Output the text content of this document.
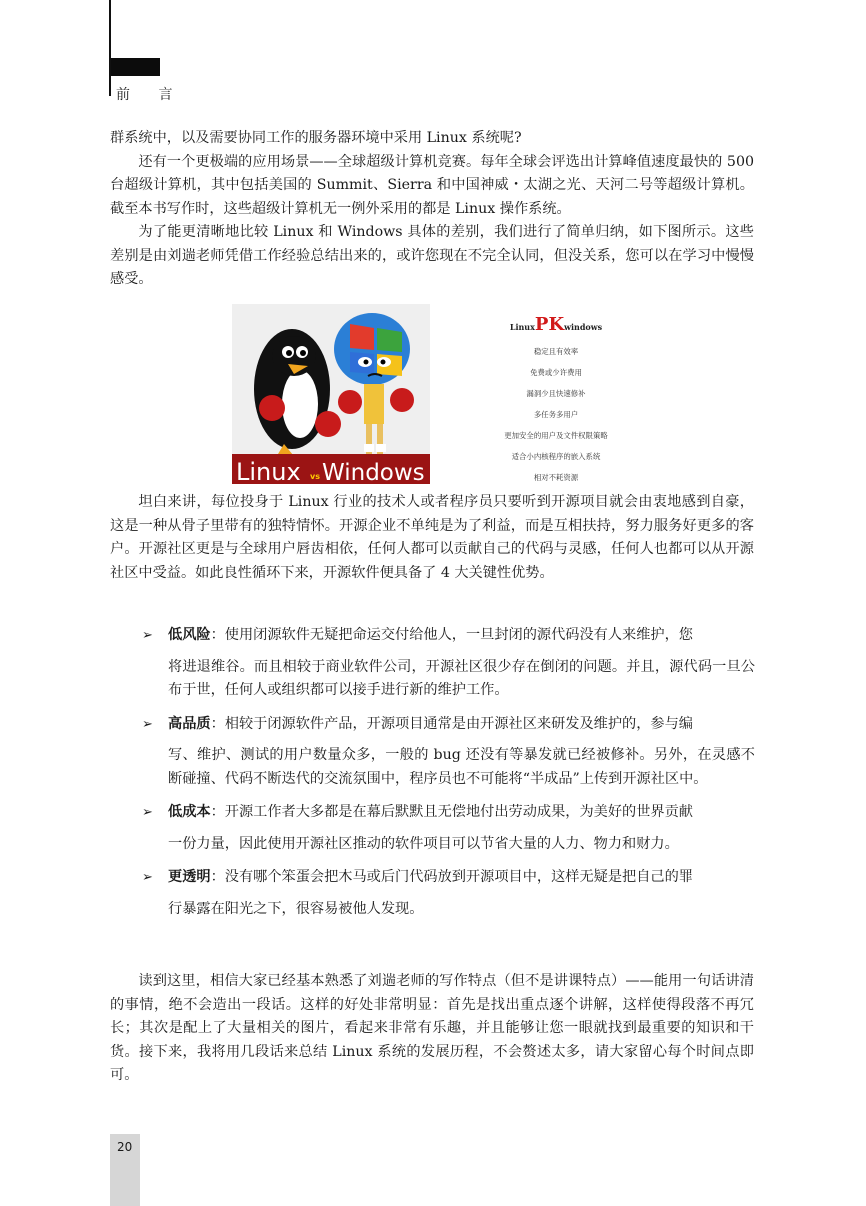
前 言

群系统中，以及需要协同工作的服务器环境中采用 Linux 系统呢?

还有一个更极端的应用场景——全球超级计算机竞赛。每年全球会评选出计算峰值速度最快的 500 台超级计算机，其中包括美国的 Summit、Sierra 和中国神威・太湖之光、天河二号等超级计算机。截至本书写作时，这些超级计算机无一例外采用的都是 Linux 操作系统。

为了能更清晰地比较 Linux 和 Windows 具体的差别，我们进行了简单归纳，如下图所示。这些差别是由刘遄老师凭借工作经验总结出来的，或许您现在不完全认同，但没关系，您可以在学习中慢慢感受。

Linux vs Windows
LinuxPKwindows
稳定且有效率
免费或少许费用
漏洞少且快速修补
多任务多用户
更加安全的用户及文件权限策略
适合小内核程序的嵌入系统
相对不耗资源

坦白来讲，每位投身于 Linux 行业的技术人或者程序员只要听到开源项目就会由衷地感到自豪，这是一种从骨子里带有的独特情怀。开源企业不单纯是为了利益，而是互相扶持，努力服务好更多的客户。开源社区更是与全球用户唇齿相依，任何人都可以贡献自己的代码与灵感，任何人也都可以从开源社区中受益。如此良性循环下来，开源软件便具备了 4 大关键性优势。

➢ 低风险：使用闭源软件无疑把命运交付给他人，一旦封闭的源代码没有人来维护，您
将进退维谷。而且相较于商业软件公司，开源社区很少存在倒闭的问题。并且，源代码一旦公布于世，任何人或组织都可以接手进行新的维护工作。
➢ 高品质：相较于闭源软件产品，开源项目通常是由开源社区来研发及维护的，参与编
写、维护、测试的用户数量众多，一般的 bug 还没有等暴发就已经被修补。另外，在灵感不断碰撞、代码不断迭代的交流氛围中，程序员也不可能将“半成品”上传到开源社区中。
➢ 低成本：开源工作者大多都是在幕后默默且无偿地付出劳动成果，为美好的世界贡献
一份力量，因此使用开源社区推动的软件项目可以节省大量的人力、物力和财力。
➢ 更透明：没有哪个笨蛋会把木马或后门代码放到开源项目中，这样无疑是把自己的罪
行暴露在阳光之下，很容易被他人发现。

读到这里，相信大家已经基本熟悉了刘遄老师的写作特点（但不是讲课特点）——能用一句话讲清的事情，绝不会造出一段话。这样的好处非常明显：首先是找出重点逐个讲解，这样使得段落不再冗长；其次是配上了大量相关的图片，看起来非常有乐趣，并且能够让您一眼就找到最重要的知识和干货。接下来，我将用几段话来总结 Linux 系统的发展历程，不会赘述太多，请大家留心每个时间点即可。

20
